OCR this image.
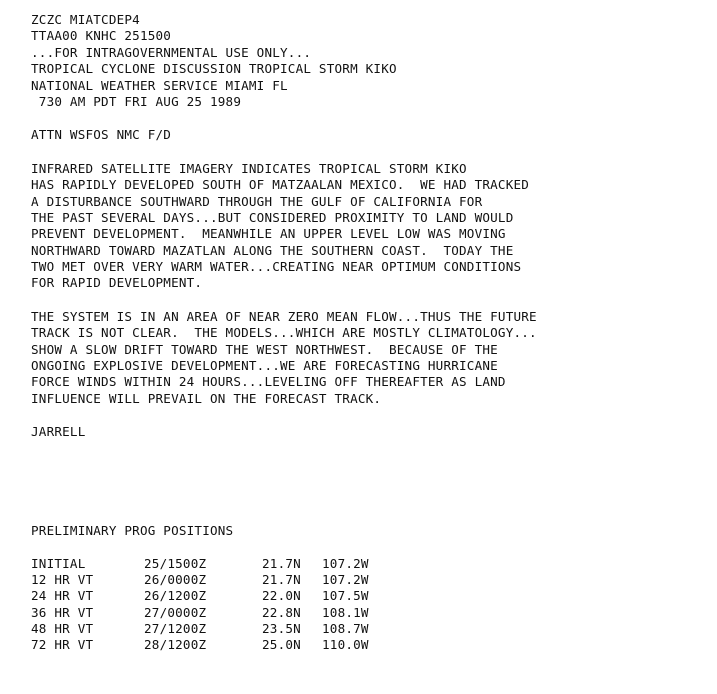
ZCZC MIATCDEP4
TTAA00 KNHC 251500
...FOR INTRAGOVERNMENTAL USE ONLY...
TROPICAL CYCLONE DISCUSSION TROPICAL STORM KIKO
NATIONAL WEATHER SERVICE MIAMI FL
730 AM PDT FRI AUG 25 1989
ATTN WSFOS NMC F/D
INFRARED SATELLITE IMAGERY INDICATES TROPICAL STORM KIKO
HAS RAPIDLY DEVELOPED SOUTH OF MATZAALAN MEXICO.  WE HAD TRACKED
A DISTURBANCE SOUTHWARD THROUGH THE GULF OF CALIFORNIA FOR
THE PAST SEVERAL DAYS...BUT CONSIDERED PROXIMITY TO LAND WOULD
PREVENT DEVELOPMENT.  MEANWHILE AN UPPER LEVEL LOW WAS MOVING
NORTHWARD TOWARD MAZATLAN ALONG THE SOUTHERN COAST.  TODAY THE
TWO MET OVER VERY WARM WATER...CREATING NEAR OPTIMUM CONDITIONS
FOR RAPID DEVELOPMENT.
THE SYSTEM IS IN AN AREA OF NEAR ZERO MEAN FLOW...THUS THE FUTURE
TRACK IS NOT CLEAR.  THE MODELS...WHICH ARE MOSTLY CLIMATOLOGY...
SHOW A SLOW DRIFT TOWARD THE WEST NORTHWEST.  BECAUSE OF THE
ONGOING EXPLOSIVE DEVELOPMENT...WE ARE FORECASTING HURRICANE
FORCE WINDS WITHIN 24 HOURS...LEVELING OFF THEREAFTER AS LAND
INFLUENCE WILL PREVAIL ON THE FORECAST TRACK.
JARRELL
PRELIMINARY PROG POSITIONS
INITIAL	25/1500Z	21.7N	107.2W
12 HR VT	26/0000Z	21.7N	107.2W
24 HR VT	26/1200Z	22.0N	107.5W
36 HR VT	27/0000Z	22.8N	108.1W
48 HR VT	27/1200Z	23.5N	108.7W
72 HR VT	28/1200Z	25.0N	110.0W
